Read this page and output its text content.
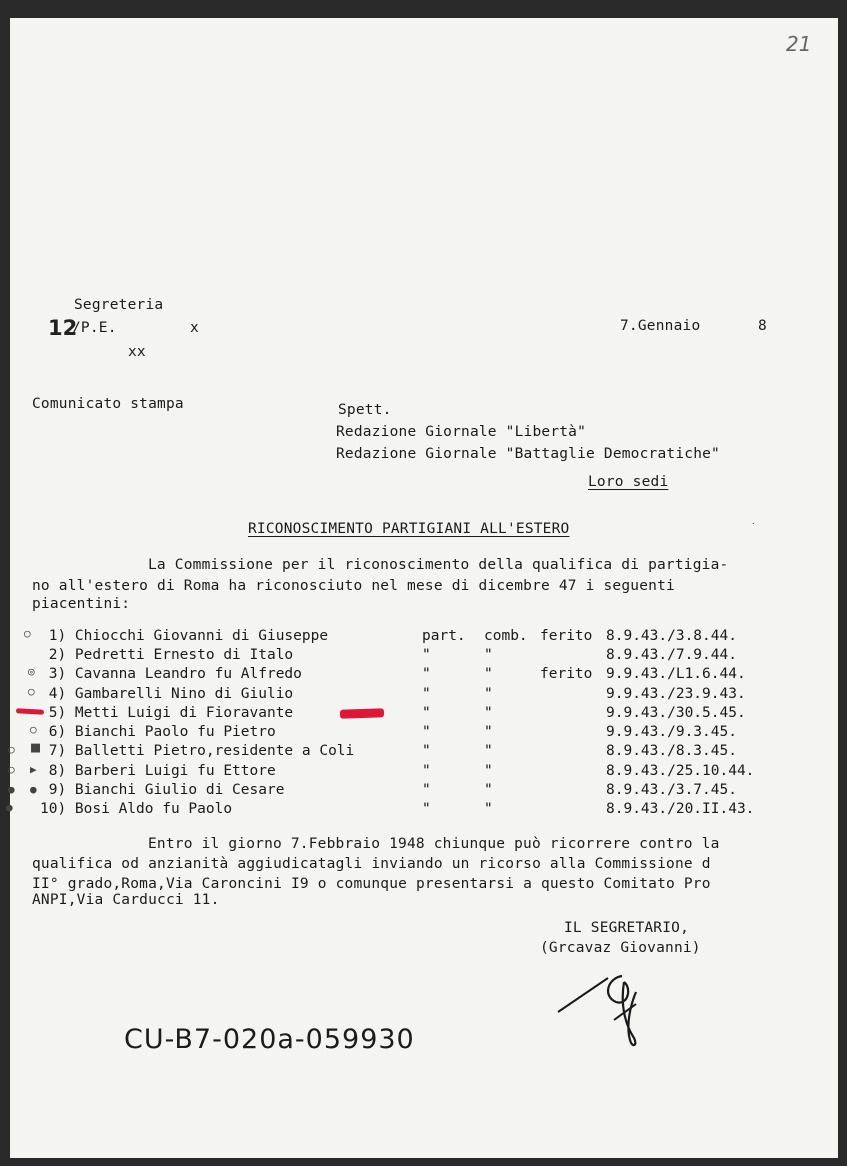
21
Segreteria
12
/P.E.	x
xx
7.Gennaio	8
Comunicato stampa	Spett.
Redazione Giornale "Libertà"
Redazione Giornale "Battaglie Democratiche"
Loro sedi
RICONOSCIMENTO PARTIGIANI ALL'ESTERO	˙
La Commissione per il riconoscimento della qualifica di partigia-
no all'estero di Roma ha riconosciuto nel mese di dicembre 47 i seguenti
piacentini:
○
◎
○
○
○ ■
○ ▶
● ●
●
1) Chiocchi Giovanni di Giuseppe	part.	comb.	ferito	8.9.43./3.8.44.
2) Pedretti Ernesto di Italo	"	"		8.9.43./7.9.44.
3) Cavanna Leandro fu Alfredo	"	"	ferito	9.9.43./L1.6.44.
4) Gambarelli Nino di Giulio	"	"		9.9.43./23.9.43.
5) Metti Luigi di Fioravante	"	"		9.9.43./30.5.45.
6) Bianchi Paolo fu Pietro	"	"		9.9.43./9.3.45.
7) Balletti Pietro,residente a Coli	"	"		8.9.43./8.3.45.
8) Barberi Luigi fu Ettore	"	"		8.9.43./25.10.44.
9) Bianchi Giulio di Cesare	"	"		8.9.43./3.7.45.
10) Bosi Aldo fu Paolo	"	"		8.9.43./20.II.43.
Entro il giorno 7.Febbraio 1948 chiunque può ricorrere contro la
qualifica od anzianità aggiudicatagli inviando un ricorso alla Commissione d
II° grado,Roma,Via Caroncini I9 o comunque presentarsi a questo Comitato Pro
ANPI,Via Carducci 11.
IL SEGRETARIO,
(Grcavaz Giovanni)
CU-B7-020a-059930
